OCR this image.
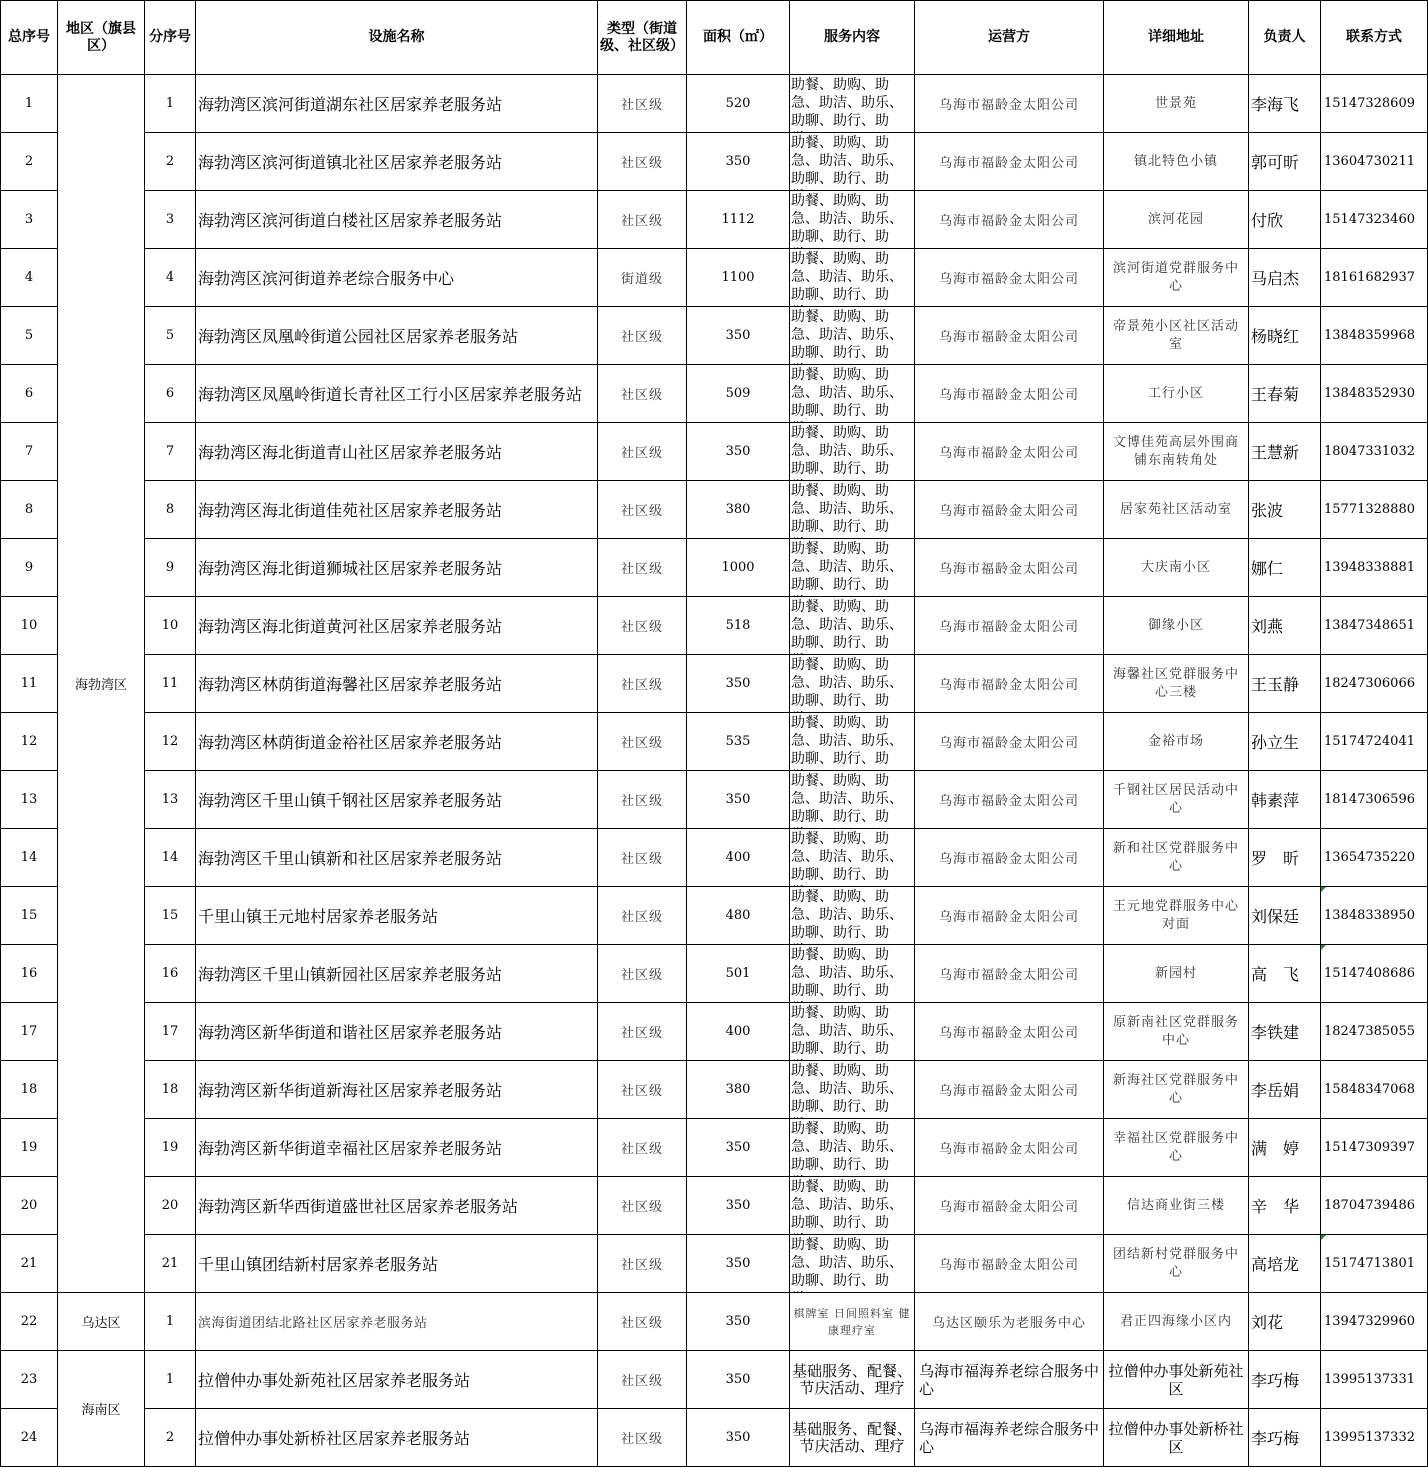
总序号	地区（旗县区）	分序号	设施名称	类型（街道级、社区级）	面积（㎡）	服务内容	运营方	详细地址	负责人	联系方式
1	海勃湾区	1	海勃湾区滨河街道湖东社区居家养老服务站	社区级	520	助餐、助购、助急、助洁、助乐、助聊、助行、助	乌海市福龄金太阳公司	世景苑	李海飞	15147328609
2		2	海勃湾区滨河街道镇北社区居家养老服务站	社区级	350	助餐、助购、助急、助洁、助乐、助聊、助行、助	乌海市福龄金太阳公司	镇北特色小镇	郭可昕	13604730211
3		3	海勃湾区滨河街道白楼社区居家养老服务站	社区级	1112	助餐、助购、助急、助洁、助乐、助聊、助行、助	乌海市福龄金太阳公司	滨河花园	付欣	15147323460
4		4	海勃湾区滨河街道养老综合服务中心	街道级	1100	助餐、助购、助急、助洁、助乐、助聊、助行、助	乌海市福龄金太阳公司	滨河街道党群服务中心	马启杰	18161682937
5		5	海勃湾区凤凰岭街道公园社区居家养老服务站	社区级	350	助餐、助购、助急、助洁、助乐、助聊、助行、助	乌海市福龄金太阳公司	帝景苑小区社区活动室	杨晓红	13848359968
6		6	海勃湾区凤凰岭街道长青社区工行小区居家养老服务站	社区级	509	助餐、助购、助急、助洁、助乐、助聊、助行、助	乌海市福龄金太阳公司	工行小区	王春菊	13848352930
7		7	海勃湾区海北街道青山社区居家养老服务站	社区级	350	助餐、助购、助急、助洁、助乐、助聊、助行、助	乌海市福龄金太阳公司	文博佳苑高层外围商铺东南转角处	王慧新	18047331032
8		8	海勃湾区海北街道佳苑社区居家养老服务站	社区级	380	助餐、助购、助急、助洁、助乐、助聊、助行、助	乌海市福龄金太阳公司	居家苑社区活动室	张波	15771328880
9		9	海勃湾区海北街道狮城社区居家养老服务站	社区级	1000	助餐、助购、助急、助洁、助乐、助聊、助行、助	乌海市福龄金太阳公司	大庆南小区	娜仁	13948338881
10		10	海勃湾区海北街道黄河社区居家养老服务站	社区级	518	助餐、助购、助急、助洁、助乐、助聊、助行、助	乌海市福龄金太阳公司	御缘小区	刘燕	13847348651
11		11	海勃湾区林荫街道海馨社区居家养老服务站	社区级	350	助餐、助购、助急、助洁、助乐、助聊、助行、助	乌海市福龄金太阳公司	海馨社区党群服务中心三楼	王玉静	18247306066
12		12	海勃湾区林荫街道金裕社区居家养老服务站	社区级	535	助餐、助购、助急、助洁、助乐、助聊、助行、助	乌海市福龄金太阳公司	金裕市场	孙立生	15174724041
13		13	海勃湾区千里山镇千钢社区居家养老服务站	社区级	350	助餐、助购、助急、助洁、助乐、助聊、助行、助	乌海市福龄金太阳公司	千钢社区居民活动中心	韩素萍	18147306596
14		14	海勃湾区千里山镇新和社区居家养老服务站	社区级	400	助餐、助购、助急、助洁、助乐、助聊、助行、助	乌海市福龄金太阳公司	新和社区党群服务中心	罗　昕	13654735220
15		15	千里山镇王元地村居家养老服务站	社区级	480	助餐、助购、助急、助洁、助乐、助聊、助行、助	乌海市福龄金太阳公司	王元地党群服务中心对面	刘保廷	13848338950
16		16	海勃湾区千里山镇新园社区居家养老服务站	社区级	501	助餐、助购、助急、助洁、助乐、助聊、助行、助	乌海市福龄金太阳公司	新园村	高　飞	15147408686
17		17	海勃湾区新华街道和谐社区居家养老服务站	社区级	400	助餐、助购、助急、助洁、助乐、助聊、助行、助	乌海市福龄金太阳公司	原新南社区党群服务中心	李铁建	18247385055
18		18	海勃湾区新华街道新海社区居家养老服务站	社区级	380	助餐、助购、助急、助洁、助乐、助聊、助行、助	乌海市福龄金太阳公司	新海社区党群服务中心	李岳娟	15848347068
19		19	海勃湾区新华街道幸福社区居家养老服务站	社区级	350	助餐、助购、助急、助洁、助乐、助聊、助行、助	乌海市福龄金太阳公司	幸福社区党群服务中心	满　婷	15147309397
20		20	海勃湾区新华西街道盛世社区居家养老服务站	社区级	350	助餐、助购、助急、助洁、助乐、助聊、助行、助	乌海市福龄金太阳公司	信达商业街三楼	辛　华	18704739486
21		21	千里山镇团结新村居家养老服务站	社区级	350	助餐、助购、助急、助洁、助乐、助聊、助行、助	乌海市福龄金太阳公司	团结新村党群服务中心	高培龙	15174713801
22	乌达区	1	滨海街道团结北路社区居家养老服务站	社区级	350	棋牌室 日间照料室 健康理疗室	乌达区颐乐为老服务中心	君正四海缘小区内	刘花	13947329960
23	海南区	1	拉僧仲办事处新苑社区居家养老服务站	社区级	350	基础服务、配餐、节庆活动、理疗	乌海市福海养老综合服务中心	拉僧仲办事处新苑社区	李巧梅	13995137331
24		2	拉僧仲办事处新桥社区居家养老服务站	社区级	350	基础服务、配餐、节庆活动、理疗	乌海市福海养老综合服务中心	拉僧仲办事处新桥社区	李巧梅	13995137332
